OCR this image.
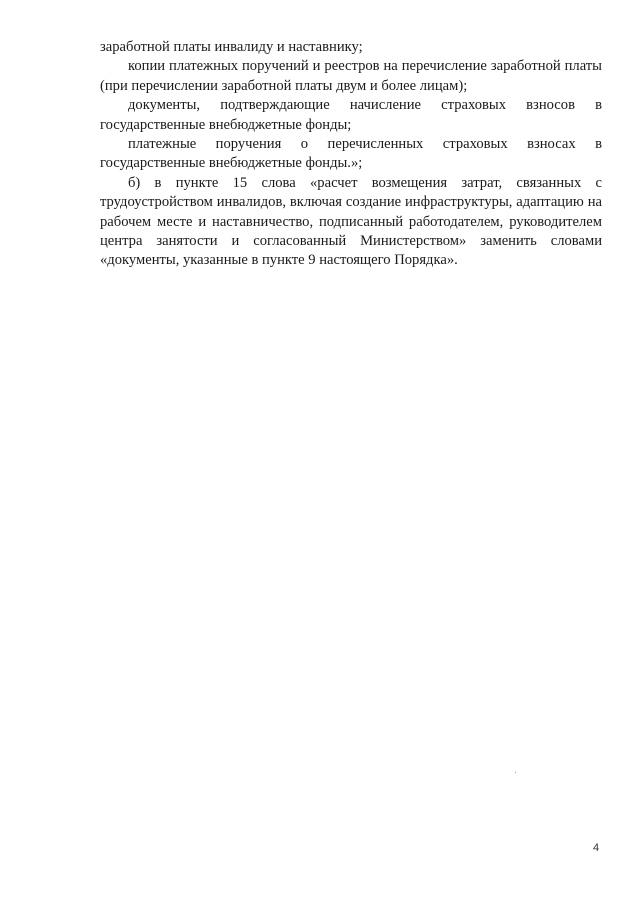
заработной платы инвалиду и наставнику;

копии платежных поручений и реестров на перечисление заработной платы (при перечислении заработной платы двум и более лицам);

документы, подтверждающие начисление страховых взносов в государственные внебюджетные фонды;

платежные поручения о перечисленных страховых взносах в государственные внебюджетные фонды.»;

б) в пункте 15 слова «расчет возмещения затрат, связанных с трудоустройством инвалидов, включая создание инфраструктуры, адаптацию на рабочем месте и наставничество, подписанный работодателем, руководителем центра занятости и согласованный Министерством» заменить словами «документы, указанные в пункте 9 настоящего Порядка».

4
